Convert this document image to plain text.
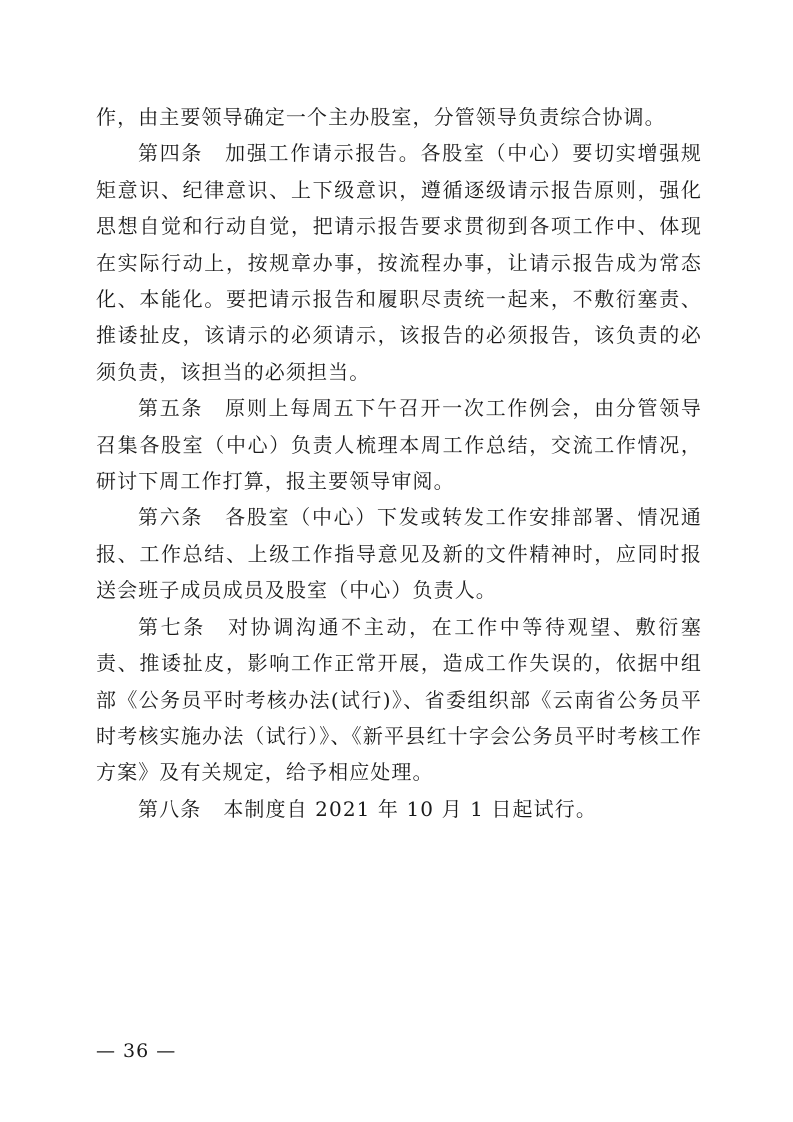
作，由主要领导确定一个主办股室，分管领导负责综合协调。

第四条 加强工作请示报告。各股室（中心）要切实增强规矩意识、纪律意识、上下级意识，遵循逐级请示报告原则，强化思想自觉和行动自觉，把请示报告要求贯彻到各项工作中、体现在实际行动上，按规章办事，按流程办事，让请示报告成为常态化、本能化。要把请示报告和履职尽责统一起来，不敷衍塞责、推诿扯皮，该请示的必须请示，该报告的必须报告，该负责的必须负责，该担当的必须担当。

第五条 原则上每周五下午召开一次工作例会，由分管领导召集各股室（中心）负责人梳理本周工作总结，交流工作情况，研讨下周工作打算，报主要领导审阅。

第六条 各股室（中心）下发或转发工作安排部署、情况通报、工作总结、上级工作指导意见及新的文件精神时，应同时报送会班子成员成员及股室（中心）负责人。

第七条 对协调沟通不主动，在工作中等待观望、敷衍塞责、推诿扯皮，影响工作正常开展，造成工作失误的，依据中组部《公务员平时考核办法(试行)》、省委组织部《云南省公务员平时考核实施办法（试行）》、《新平县红十字会公务员平时考核工作方案》及有关规定，给予相应处理。

第八条 本制度自 2021 年 10 月 1 日起试行。

— 36 —
